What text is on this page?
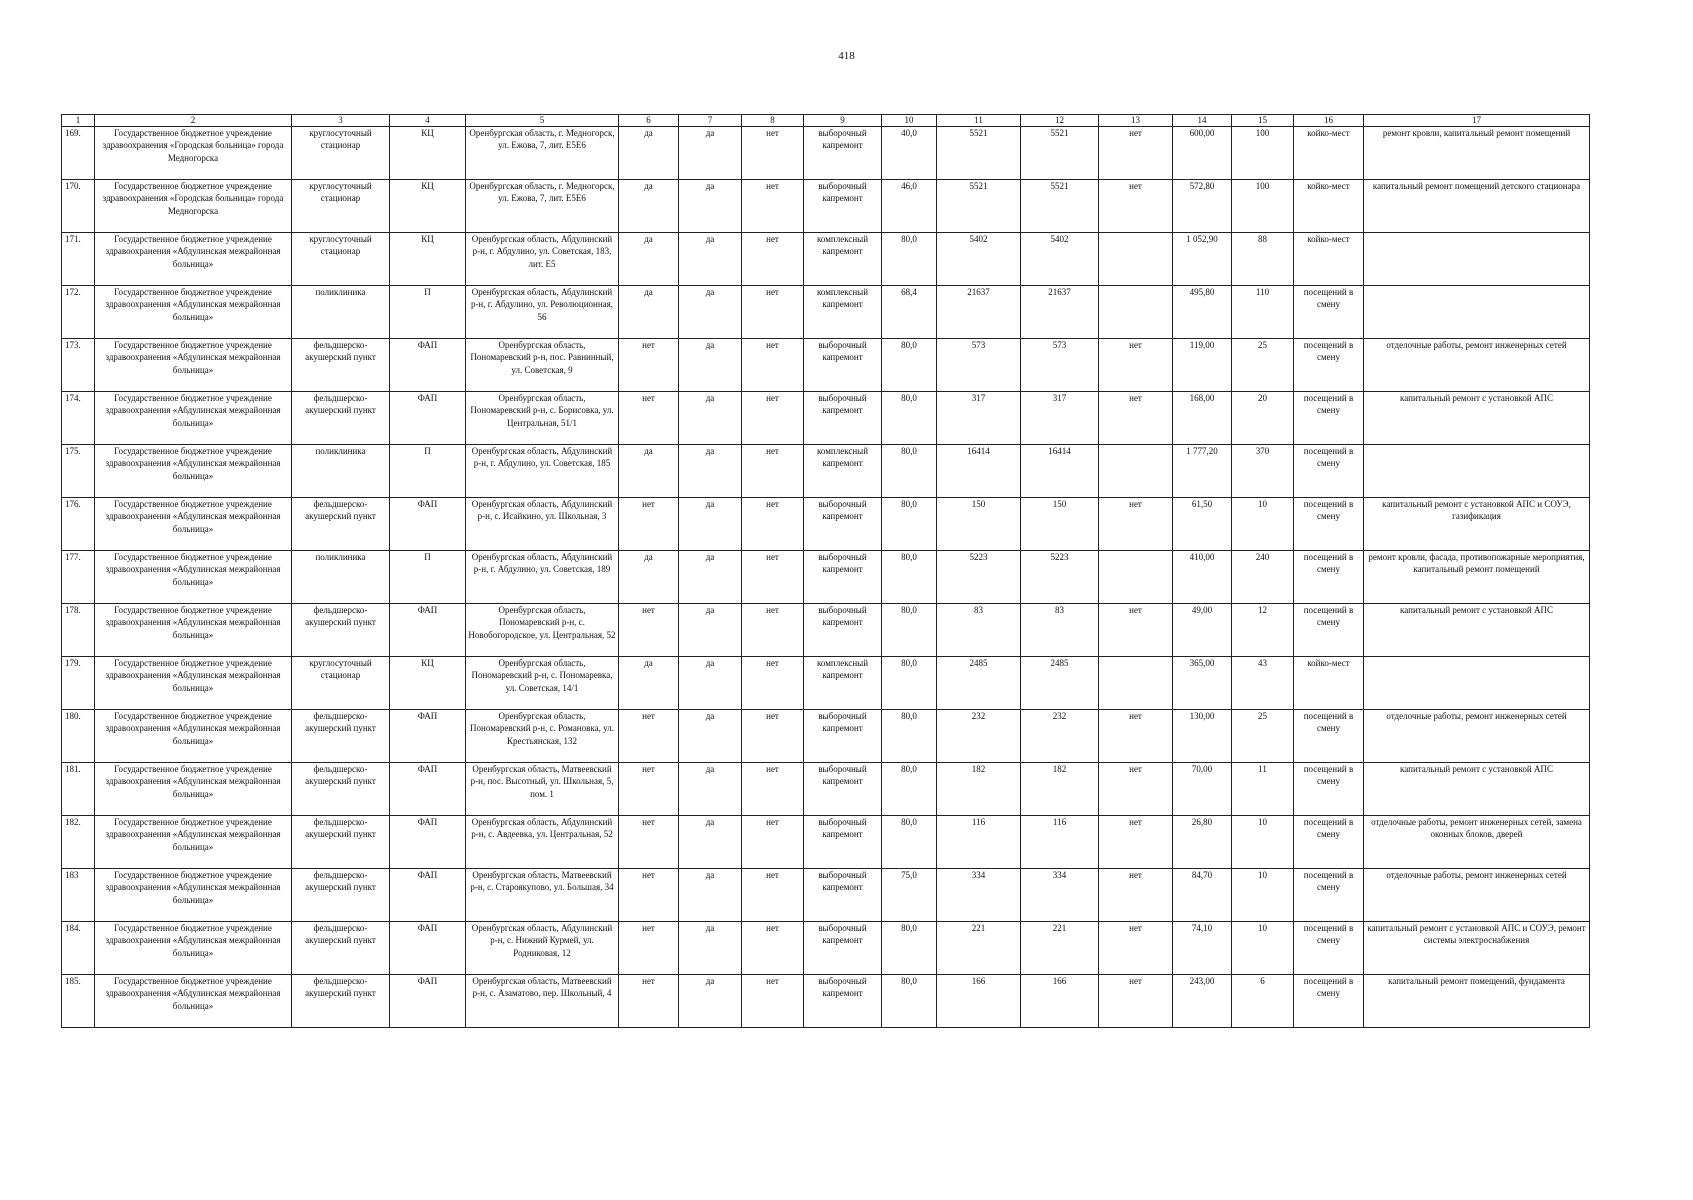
418
1	2	3	4	5	6	7	8	9	10	11	12	13	14	15	16	17
169.	Государственное бюджетное учреждение здравоохранения «Городская больница» города Медногорска	круглосуточный стационар	КЦ	Оренбургская область, г. Медногорск, ул. Ежова, 7, лит. Е5Е6	да	да	нет	выборочный капремонт	40,0	5521	5521	нет	600,00	100	койко-мест	ремонт кровли, капитальный ремонт помещений
170.	Государственное бюджетное учреждение здравоохранения «Городская больница» города Медногорска	круглосуточный стационар	КЦ	Оренбургская область, г. Медногорск, ул. Ежова, 7, лит. Е5Е6	да	да	нет	выборочный капремонт	46,0	5521	5521	нет	572,80	100	койко-мест	капитальный ремонт помещений детского стационара
171.	Государственное бюджетное учреждение здравоохранения «Абдулинская межрайонная больница»	круглосуточный стационар	КЦ	Оренбургская область, Абдулинский р-н, г. Абдулино, ул. Советская, 183, лит. Е5	да	да	нет	комплексный капремонт	80,0	5402	5402		1 052,90	88	койко-мест	
172.	Государственное бюджетное учреждение здравоохранения «Абдулинская межрайонная больница»	поликлиника	П	Оренбургская область, Абдулинский р-н, г. Абдулино, ул. Революционная, 56	да	да	нет	комплексный капремонт	68,4	21637	21637		495,80	110	посещений в смену	
173.	Государственное бюджетное учреждение здравоохранения «Абдулинская межрайонная больница»	фельдшерско-акушерский пункт	ФАП	Оренбургская область, Пономаревский р-н, пос. Равнинный, ул. Советская, 9	нет	да	нет	выборочный капремонт	80,0	573	573	нет	119,00	25	посещений в смену	отделочные работы, ремонт инженерных сетей
174.	Государственное бюджетное учреждение здравоохранения «Абдулинская межрайонная больница»	фельдшерско-акушерский пункт	ФАП	Оренбургская область, Пономаревский р-н, с. Борисовка, ул. Центральная, 51/1	нет	да	нет	выборочный капремонт	80,0	317	317	нет	168,00	20	посещений в смену	капитальный ремонт с установкой АПС
175.	Государственное бюджетное учреждение здравоохранения «Абдулинская межрайонная больница»	поликлиника	П	Оренбургская область, Абдулинский р-н, г. Абдулино, ул. Советская, 185	да	да	нет	комплексный капремонт	80,0	16414	16414		1 777,20	370	посещений в смену	
176.	Государственное бюджетное учреждение здравоохранения «Абдулинская межрайонная больница»	фельдшерско-акушерский пункт	ФАП	Оренбургская область, Абдулинский р-н, с. Исайкино, ул. Школьная, 3	нет	да	нет	выборочный капремонт	80,0	150	150	нет	61,50	10	посещений в смену	капитальный ремонт с установкой АПС и СОУЭ, газификация
177.	Государственное бюджетное учреждение здравоохранения «Абдулинская межрайонная больница»	поликлиника	П	Оренбургская область, Абдулинский р-н, г. Абдулино, ул. Советская, 189	да	да	нет	выборочный капремонт	80,0	5223	5223		410,00	240	посещений в смену	ремонт кровли, фасада, противопожарные мероприятия, капитальный ремонт помещений
178.	Государственное бюджетное учреждение здравоохранения «Абдулинская межрайонная больница»	фельдшерско-акушерский пункт	ФАП	Оренбургская область, Пономаревский р-н, с. Новобогородское, ул. Центральная, 52	нет	да	нет	выборочный капремонт	80,0	83	83	нет	49,00	12	посещений в смену	капитальный ремонт с установкой АПС
179.	Государственное бюджетное учреждение здравоохранения «Абдулинская межрайонная больница»	круглосуточный стационар	КЦ	Оренбургская область, Пономаревский р-н, с. Пономаревка, ул. Советская, 14/1	да	да	нет	комплексный капремонт	80,0	2485	2485		365,00	43	койко-мест	
180.	Государственное бюджетное учреждение здравоохранения «Абдулинская межрайонная больница»	фельдшерско-акушерский пункт	ФАП	Оренбургская область, Пономаревский р-н, с. Романовка, ул. Крестьянская, 132	нет	да	нет	выборочный капремонт	80,0	232	232	нет	130,00	25	посещений в смену	отделочные работы, ремонт инженерных сетей
181.	Государственное бюджетное учреждение здравоохранения «Абдулинская межрайонная больница»	фельдшерско-акушерский пункт	ФАП	Оренбургская область, Матвеевский р-н, пос. Высотный, ул. Школьная, 5, пом. 1	нет	да	нет	выборочный капремонт	80,0	182	182	нет	70,00	11	посещений в смену	капитальный ремонт с установкой АПС
182.	Государственное бюджетное учреждение здравоохранения «Абдулинская межрайонная больница»	фельдшерско-акушерский пункт	ФАП	Оренбургская область, Абдулинский р-н, с. Авдеевка, ул. Центральная, 52	нет	да	нет	выборочный капремонт	80,0	116	116	нет	26,80	10	посещений в смену	отделочные работы, ремонт инженерных сетей, замена оконных блоков, дверей
183	Государственное бюджетное учреждение здравоохранения «Абдулинская межрайонная больница»	фельдшерско-акушерский пункт	ФАП	Оренбургская область, Матвеевский р-н, с. Староякупово, ул. Большая, 34	нет	да	нет	выборочный капремонт	75,0	334	334	нет	84,70	10	посещений в смену	отделочные работы, ремонт инженерных сетей
184.	Государственное бюджетное учреждение здравоохранения «Абдулинская межрайонная больница»	фельдшерско-акушерский пункт	ФАП	Оренбургская область, Абдулинский р-н, с. Нижний Курмей, ул. Родниковая, 12	нет	да	нет	выборочный капремонт	80,0	221	221	нет	74,10	10	посещений в смену	капитальный ремонт с установкой АПС и СОУЭ, ремонт системы электроснабжения
185.	Государственное бюджетное учреждение здравоохранения «Абдулинская межрайонная больница»	фельдшерско-акушерский пункт	ФАП	Оренбургская область, Матвеевский р-н, с. Азаматово, пер. Школьный, 4	нет	да	нет	выборочный капремонт	80,0	166	166	нет	243,00	6	посещений в смену	капитальный ремонт помещений, фундамента
